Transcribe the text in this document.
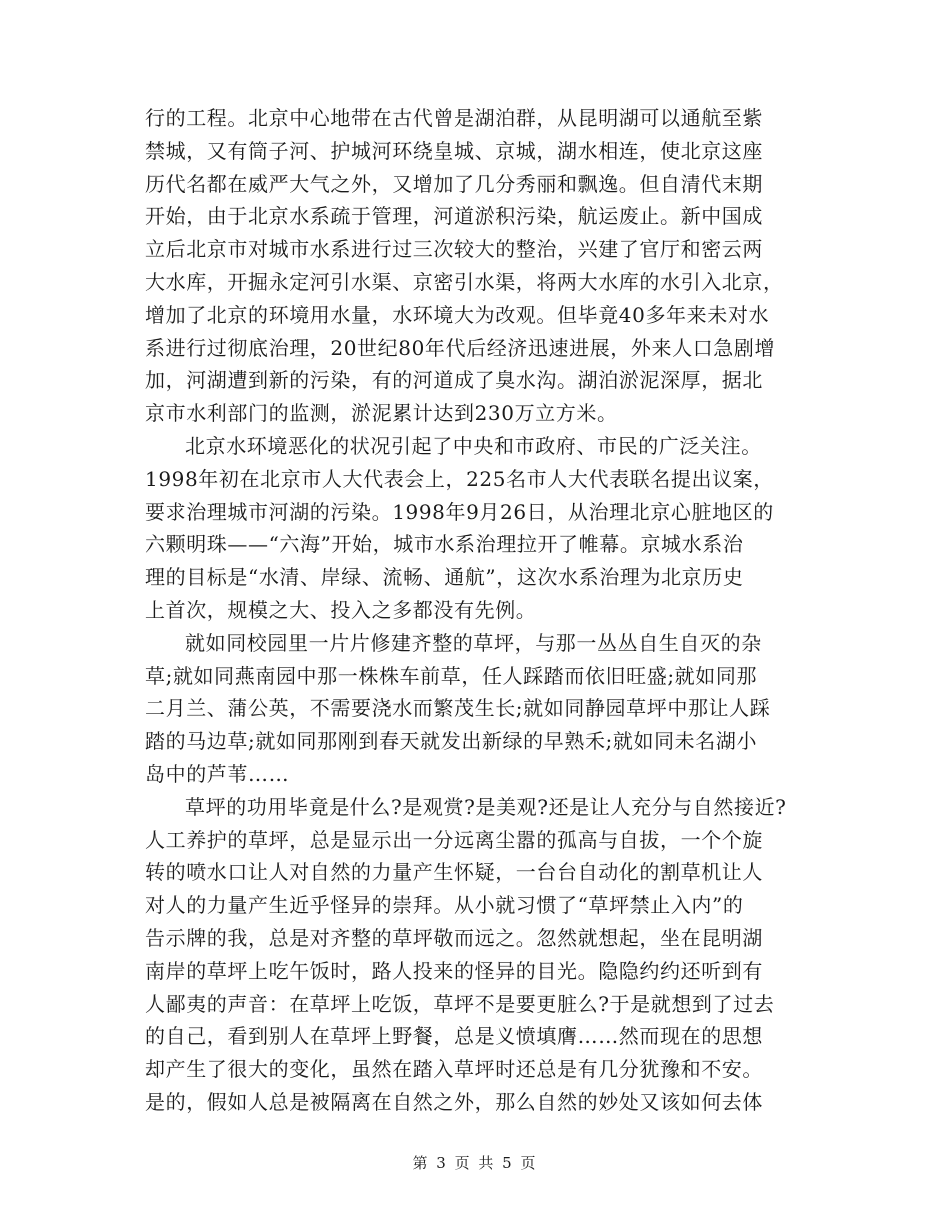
行的工程。北京中心地带在古代曾是湖泊群，从昆明湖可以通航至紫
禁城，又有筒子河、护城河环绕皇城、京城，湖水相连，使北京这座
历代名都在威严大气之外，又增加了几分秀丽和飘逸。但自清代末期
开始，由于北京水系疏于管理，河道淤积污染，航运废止。新中国成
立后北京市对城市水系进行过三次较大的整治，兴建了官厅和密云两
大水库，开掘永定河引水渠、京密引水渠，将两大水库的水引入北京，
增加了北京的环境用水量，水环境大为改观。但毕竟40多年来未对水
系进行过彻底治理，20世纪80年代后经济迅速进展，外来人口急剧增
加，河湖遭到新的污染，有的河道成了臭水沟。湖泊淤泥深厚，据北
京市水利部门的监测，淤泥累计达到230万立方米。
北京水环境恶化的状况引起了中央和市政府、市民的广泛关注。
1998年初在北京市人大代表会上，225名市人大代表联名提出议案，
要求治理城市河湖的污染。1998年9月26日，从治理北京心脏地区的
六颗明珠——“六海”开始，城市水系治理拉开了帷幕。京城水系治
理的目标是“水清、岸绿、流畅、通航”，这次水系治理为北京历史
上首次，规模之大、投入之多都没有先例。
就如同校园里一片片修建齐整的草坪，与那一丛丛自生自灭的杂
草;就如同燕南园中那一株株车前草，任人踩踏而依旧旺盛;就如同那
二月兰、蒲公英，不需要浇水而繁茂生长;就如同静园草坪中那让人踩
踏的马边草;就如同那刚到春天就发出新绿的早熟禾;就如同未名湖小
岛中的芦苇……
草坪的功用毕竟是什么?是观赏?是美观?还是让人充分与自然接近?
人工养护的草坪，总是显示出一分远离尘嚣的孤高与自拔，一个个旋
转的喷水口让人对自然的力量产生怀疑，一台台自动化的割草机让人
对人的力量产生近乎怪异的崇拜。从小就习惯了“草坪禁止入内”的
告示牌的我，总是对齐整的草坪敬而远之。忽然就想起，坐在昆明湖
南岸的草坪上吃午饭时，路人投来的怪异的目光。隐隐约约还听到有
人鄙夷的声音：在草坪上吃饭，草坪不是要更脏么?于是就想到了过去
的自己，看到别人在草坪上野餐，总是义愤填膺……然而现在的思想
却产生了很大的变化，虽然在踏入草坪时还总是有几分犹豫和不安。
是的，假如人总是被隔离在自然之外，那么自然的妙处又该如何去体
第 3 页 共 5 页
